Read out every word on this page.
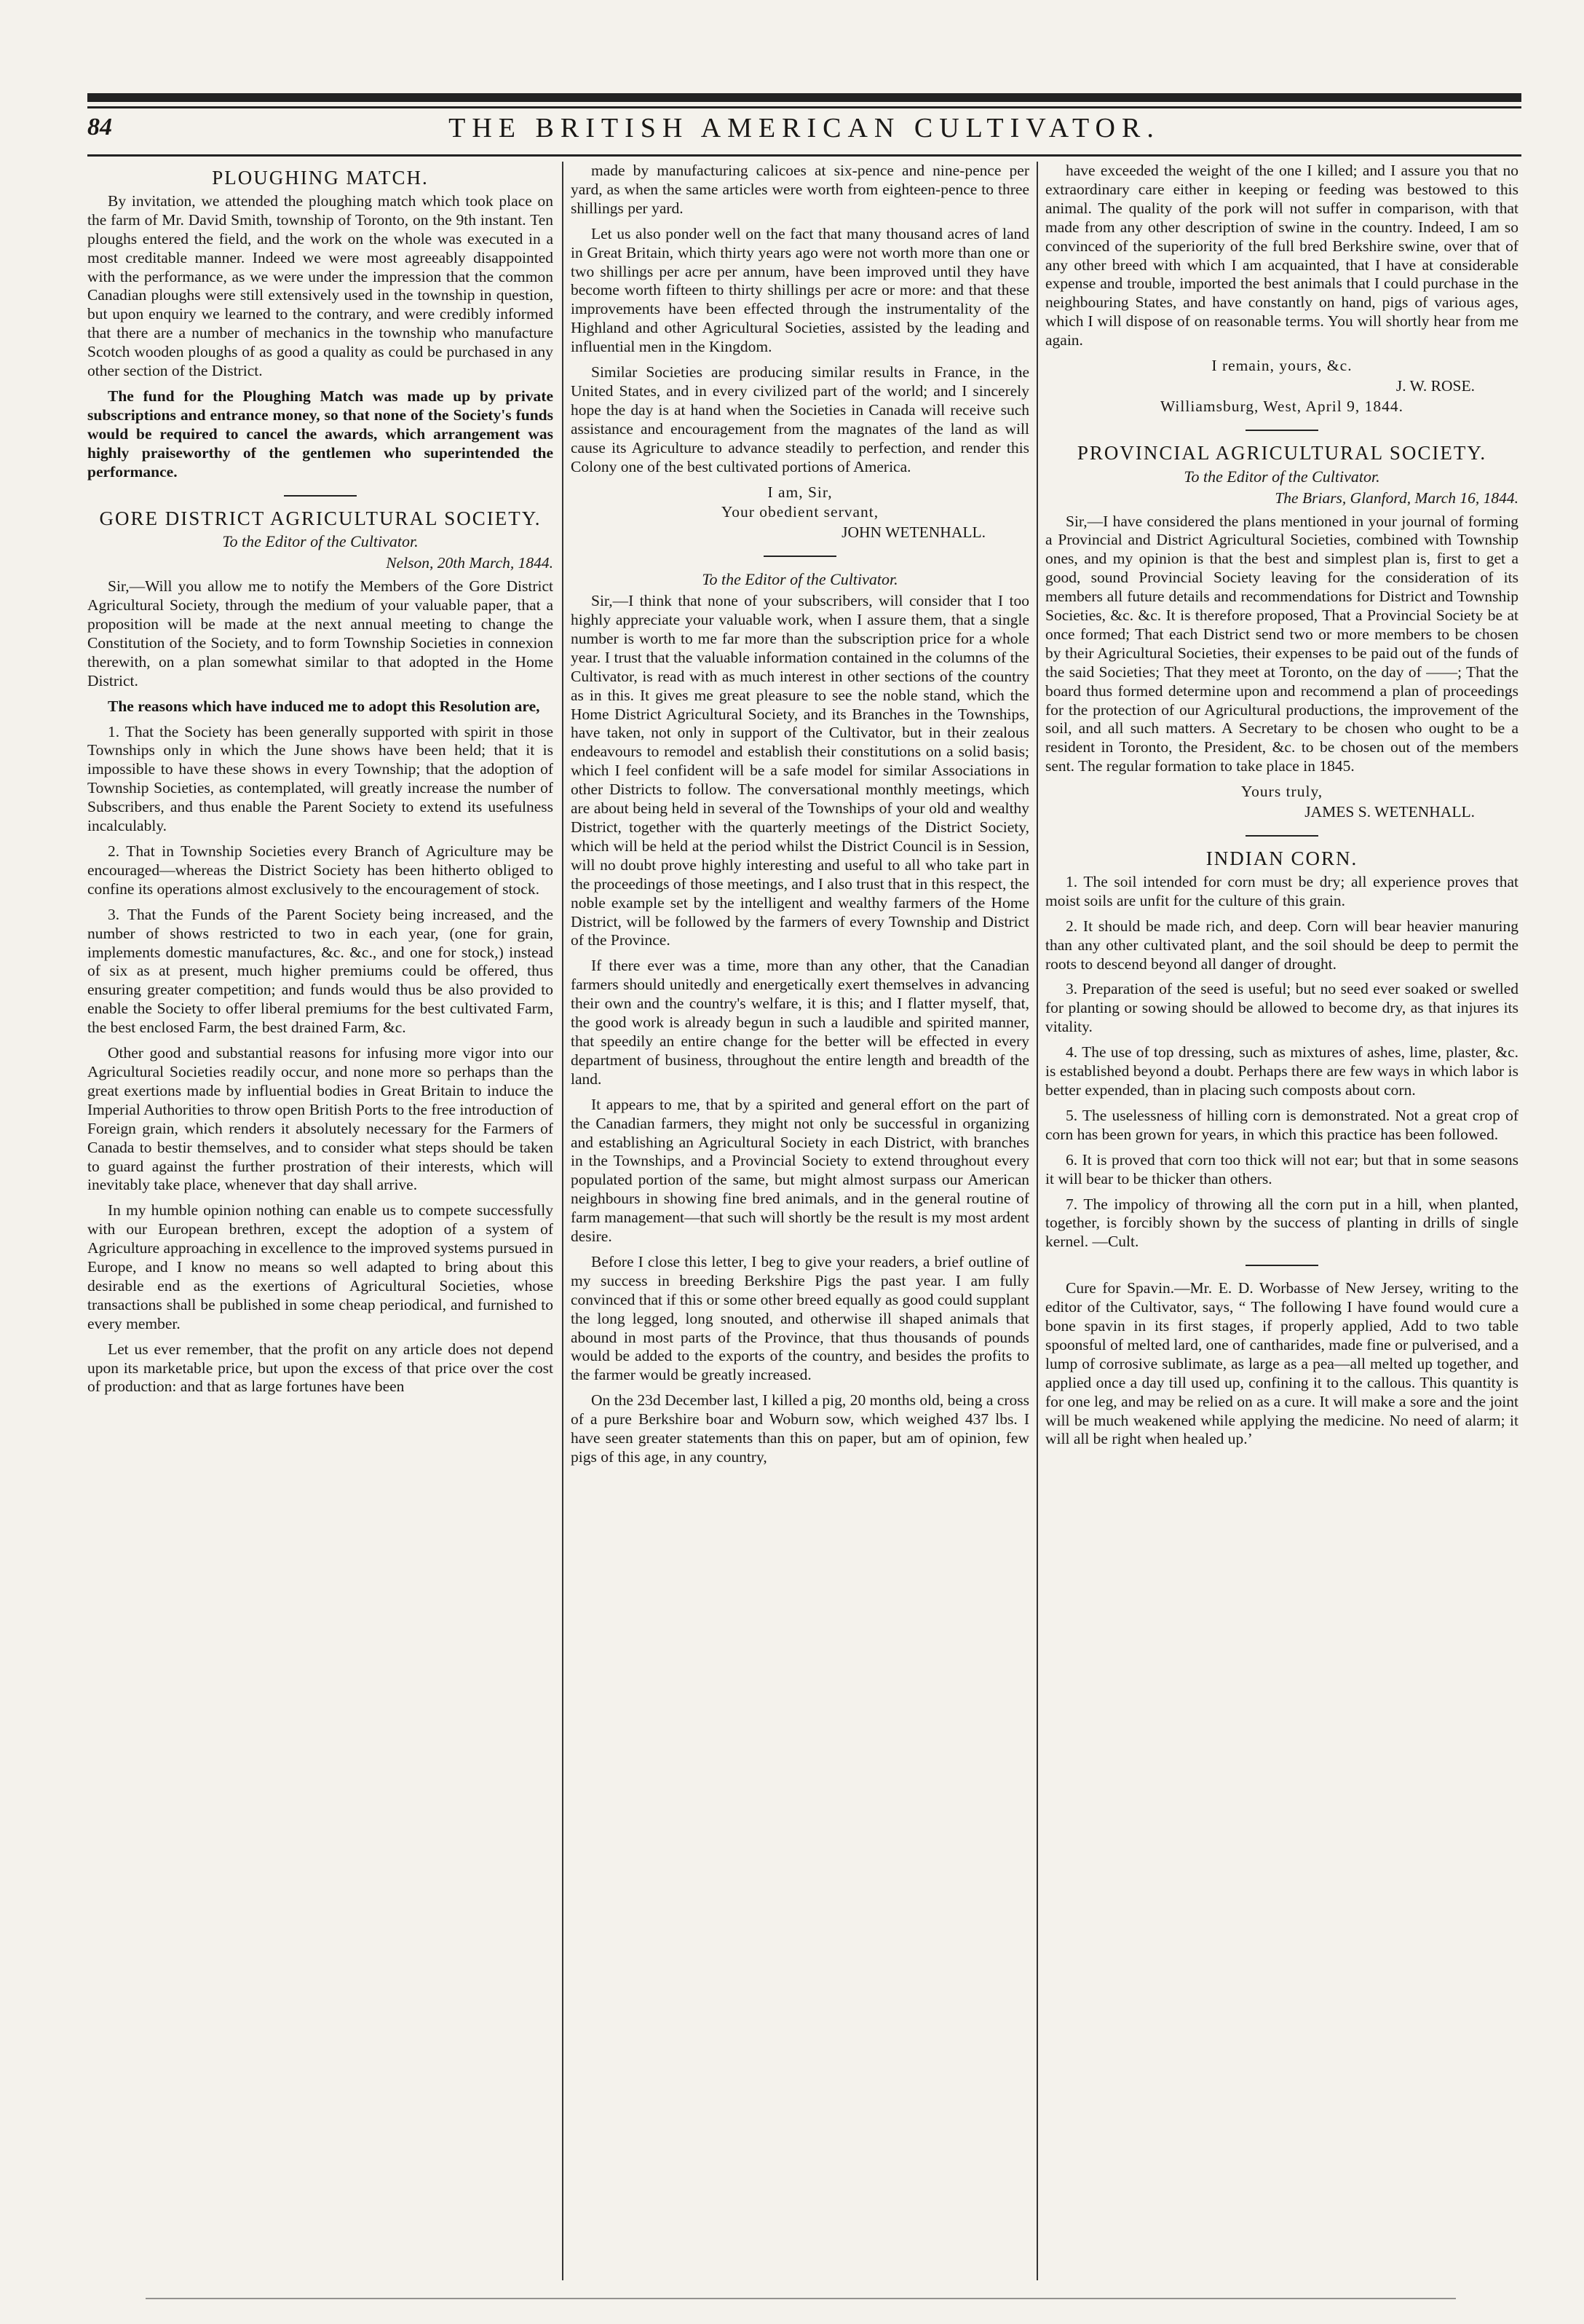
84	THE BRITISH AMERICAN CULTIVATOR.
PLOUGHING MATCH.

By invitation, we attended the ploughing match which took place on the farm of Mr. David Smith, township of Toronto, on the 9th instant. Ten ploughs entered the field, and the work on the whole was executed in a most creditable manner. Indeed we were most agreeably disappointed with the performance, as we were under the impression that the common Canadian ploughs were still extensively used in the township in question, but upon enquiry we learned to the contrary, and were credibly informed that there are a number of mechanics in the township who manufacture Scotch wooden ploughs of as good a quality as could be purchased in any other section of the District.

The fund for the Ploughing Match was made up by private subscriptions and entrance money, so that none of the Society's funds would be required to cancel the awards, which arrangement was highly praiseworthy of the gentlemen who superintended the performance.

GORE DISTRICT AGRICULTURAL SOCIETY.
To the Editor of the Cultivator.
Nelson, 20th March, 1844.

Sir,—Will you allow me to notify the Members of the Gore District Agricultural Society, through the medium of your valuable paper, that a proposition will be made at the next annual meeting to change the Constitution of the Society, and to form Township Societies in connexion therewith, on a plan somewhat similar to that adopted in the Home District.

The reasons which have induced me to adopt this Resolution are,

1. That the Society has been generally supported with spirit in those Townships only in which the June shows have been held; that it is impossible to have these shows in every Township; that the adoption of Township Societies, as contemplated, will greatly increase the number of Subscribers, and thus enable the Parent Society to extend its usefulness incalculably.

2. That in Township Societies every Branch of Agriculture may be encouraged—whereas the District Society has been hitherto obliged to confine its operations almost exclusively to the encouragement of stock.

3. That the Funds of the Parent Society being increased, and the number of shows restricted to two in each year, (one for grain, implements domestic manufactures, &c. &c., and one for stock,) instead of six as at present, much higher premiums could be offered, thus ensuring greater competition; and funds would thus be also provided to enable the Society to offer liberal premiums for the best cultivated Farm, the best enclosed Farm, the best drained Farm, &c.

Other good and substantial reasons for infusing more vigor into our Agricultural Societies readily occur, and none more so perhaps than the great exertions made by influential bodies in Great Britain to induce the Imperial Authorities to throw open British Ports to the free introduction of Foreign grain, which renders it absolutely necessary for the Farmers of Canada to bestir themselves, and to consider what steps should be taken to guard against the further prostration of their interests, which will inevitably take place, whenever that day shall arrive.

In my humble opinion nothing can enable us to compete successfully with our European brethren, except the adoption of a system of Agriculture approaching in excellence to the improved systems pursued in Europe, and I know no means so well adapted to bring about this desirable end as the exertions of Agricultural Societies, whose transactions shall be published in some cheap periodical, and furnished to every member.

Let us ever remember, that the profit on any article does not depend upon its marketable price, but upon the excess of that price over the cost of production: and that as large fortunes have been

made by manufacturing calicoes at six-pence and nine-pence per yard, as when the same articles were worth from eighteen-pence to three shillings per yard.

Let us also ponder well on the fact that many thousand acres of land in Great Britain, which thirty years ago were not worth more than one or two shillings per acre per annum, have been improved until they have become worth fifteen to thirty shillings per acre or more: and that these improvements have been effected through the instrumentality of the Highland and other Agricultural Societies, assisted by the leading and influential men in the Kingdom.

Similar Societies are producing similar results in France, in the United States, and in every civilized part of the world; and I sincerely hope the day is at hand when the Societies in Canada will receive such assistance and encouragement from the magnates of the land as will cause its Agriculture to advance steadily to perfection, and render this Colony one of the best cultivated portions of America.

I am, Sir,
Your obedient servant,
JOHN WETENHALL.
To the Editor of the Cultivator.

Sir,—I think that none of your subscribers, will consider that I too highly appreciate your valuable work, when I assure them, that a single number is worth to me far more than the subscription price for a whole year. I trust that the valuable information contained in the columns of the Cultivator, is read with as much interest in other sections of the country as in this. It gives me great pleasure to see the noble stand, which the Home District Agricultural Society, and its Branches in the Townships, have taken, not only in support of the Cultivator, but in their zealous endeavours to remodel and establish their constitutions on a solid basis; which I feel confident will be a safe model for similar Associations in other Districts to follow. The conversational monthly meetings, which are about being held in several of the Townships of your old and wealthy District, together with the quarterly meetings of the District Society, which will be held at the period whilst the District Council is in Session, will no doubt prove highly interesting and useful to all who take part in the proceedings of those meetings, and I also trust that in this respect, the noble example set by the intelligent and wealthy farmers of the Home District, will be followed by the farmers of every Township and District of the Province.

If there ever was a time, more than any other, that the Canadian farmers should unitedly and energetically exert themselves in advancing their own and the country's welfare, it is this; and I flatter myself, that, the good work is already begun in such a laudible and spirited manner, that speedily an entire change for the better will be effected in every department of business, throughout the entire length and breadth of the land.

It appears to me, that by a spirited and general effort on the part of the Canadian farmers, they might not only be successful in organizing and establishing an Agricultural Society in each District, with branches in the Townships, and a Provincial Society to extend throughout every populated portion of the same, but might almost surpass our American neighbours in showing fine bred animals, and in the general routine of farm management—that such will shortly be the result is my most ardent desire.

Before I close this letter, I beg to give your readers, a brief outline of my success in breeding Berkshire Pigs the past year. I am fully convinced that if this or some other breed equally as good could supplant the long legged, long snouted, and otherwise ill shaped animals that abound in most parts of the Province, that thus thousands of pounds would be added to the exports of the country, and besides the profits to the farmer would be greatly increased.

On the 23d December last, I killed a pig, 20 months old, being a cross of a pure Berkshire boar and Woburn sow, which weighed 437 lbs. I have seen greater statements than this on paper, but am of opinion, few pigs of this age, in any country,

have exceeded the weight of the one I killed; and I assure you that no extraordinary care either in keeping or feeding was bestowed to this animal. The quality of the pork will not suffer in comparison, with that made from any other description of swine in the country. Indeed, I am so convinced of the superiority of the full bred Berkshire swine, over that of any other breed with which I am acquainted, that I have at considerable expense and trouble, imported the best animals that I could purchase in the neighbouring States, and have constantly on hand, pigs of various ages, which I will dispose of on reasonable terms. You will shortly hear from me again.

I remain, yours, &c.
J. W. ROSE.
Williamsburg, West, April 9, 1844.
PROVINCIAL AGRICULTURAL SOCIETY.
To the Editor of the Cultivator.
The Briars, Glanford, March 16, 1844.

Sir,—I have considered the plans mentioned in your journal of forming a Provincial and District Agricultural Societies, combined with Township ones, and my opinion is that the best and simplest plan is, first to get a good, sound Provincial Society leaving for the consideration of its members all future details and recommendations for District and Township Societies, &c. &c. It is therefore proposed, That a Provincial Society be at once formed; That each District send two or more members to be chosen by their Agricultural Societies, their expenses to be paid out of the funds of the said Societies; That they meet at Toronto, on the day of ——; That the board thus formed determine upon and recommend a plan of proceedings for the protection of our Agricultural productions, the improvement of the soil, and all such matters. A Secretary to be chosen who ought to be a resident in Toronto, the President, &c. to be chosen out of the members sent. The regular formation to take place in 1845.

Yours truly,
JAMES S. WETENHALL.
INDIAN CORN.

1. The soil intended for corn must be dry; all experience proves that moist soils are unfit for the culture of this grain.

2. It should be made rich, and deep. Corn will bear heavier manuring than any other cultivated plant, and the soil should be deep to permit the roots to descend beyond all danger of drought.

3. Preparation of the seed is useful; but no seed ever soaked or swelled for planting or sowing should be allowed to become dry, as that injures its vitality.

4. The use of top dressing, such as mixtures of ashes, lime, plaster, &c. is established beyond a doubt. Perhaps there are few ways in which labor is better expended, than in placing such composts about corn.

5. The uselessness of hilling corn is demonstrated. Not a great crop of corn has been grown for years, in which this practice has been followed.

6. It is proved that corn too thick will not ear; but that in some seasons it will bear to be thicker than others.

7. The impolicy of throwing all the corn put in a hill, when planted, together, is forcibly shown by the success of planting in drills of single kernel. —Cult.

Cure for Spavin.—Mr. E. D. Worbasse of New Jersey, writing to the editor of the Cultivator, says, “ The following I have found would cure a bone spavin in its first stages, if properly applied, Add to two table spoonsful of melted lard, one of cantharides, made fine or pulverised, and a lump of corrosive sublimate, as large as a pea—all melted up together, and applied once a day till used up, confining it to the callous. This quantity is for one leg, and may be relied on as a cure. It will make a sore and the joint will be much weakened while applying the medicine. No need of alarm; it will all be right when healed up.’
